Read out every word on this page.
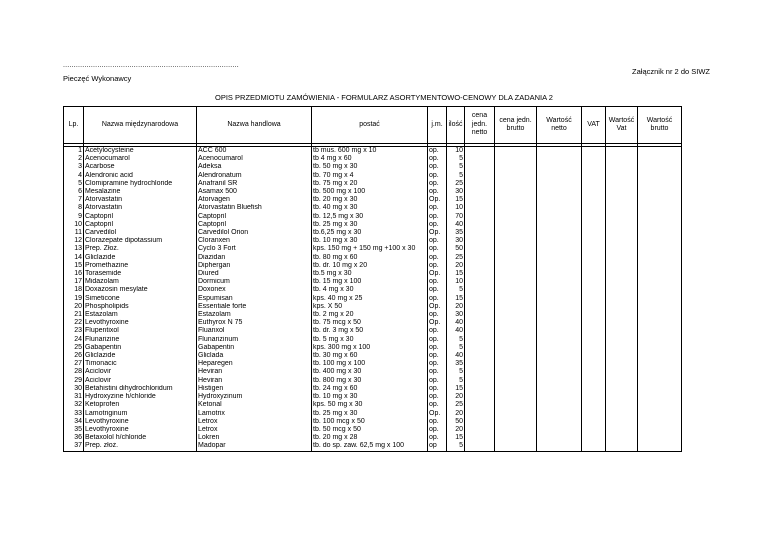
..................................................................................
Pieczęć Wykonawcy
Załącznik nr 2 do SIWZ
OPIS PRZEDMIOTU ZAMÓWIENIA - FORMULARZ ASORTYMENTOWO-CENOWY DLA ZADANIA 2
Lp.	Nazwa międzynarodowa	Nazwa handlowa	postać	j.m.	ilość	cena jedn. netto	cena jedn. brutto	Wartość netto	VAT	Wartość Vat	Wartość brutto

1	Acetylocysteine	ACC 600	tb mus. 600 mg x 10	op.	10						
2	Acenocumarol	Acenocumarol	tb 4 mg x 60	op.	5						
3	Acarbose	Adeksa	tb. 50 mg x 30	op.	5						
4	Alendronic acid	Alendronatum	tb. 70 mg x 4	op.	5						
5	Clomipramine hydrochloride	Anafranil SR	tb. 75 mg x 20	op.	25						
6	Mesalazine	Asamax 500	tb. 500 mg x 100	op.	30						
7	Atorvastatin	Atorvagen	tb. 20 mg x 30	Op.	15						
8	Atorvastatin	Atorvastatin Bluefish	tb. 40 mg x 30	op.	10						
9	Captopril	Captopril	tb. 12,5 mg x 30	op.	70						
10	Captopril	Captopril	tb. 25 mg x 30	op.	40						
11	Carvedilol	Carvedilol Orion	tb.6,25 mg x 30	Op.	35						
12	Clorazepate dipotassium	Cloranxen	tb. 10 mg x 30	op.	30						
13	Prep. Złoż.	Cyclo 3 Fort	kps. 150 mg + 150 mg +100 x 30	op.	50						
14	Gliclazide	Diazidan	tb. 80 mg x 60	op.	25						
15	Promethazine	Diphergan	tb. dr. 10 mg x 20	op.	20						
16	Torasemide	Diured	tb.5 mg x 30	Op.	15						
17	Midazolam	Dormicum	tb. 15 mg x 100	op.	10						
18	Doxazosin mesylate	Doxonex	tb. 4 mg x 30	op.	5						
19	Simeticone	Espumisan	kps. 40 mg x 25	op.	15						
20	Phospholipids	Essentiale forte	kps. X 50	Op.	20						
21	Estazolam	Estazolam	tb. 2 mg x 20	op.	30						
22	Levothyroxine	Euthyrox N 75	tb. 75 mcg x 50	Op.	40						
23	Flupentixol	Fluanxol	tb. dr. 3 mg x 50	op.	40						
24	Flunarizine	Flunarizinum	tb. 5 mg x 30	op.	5						
25	Gabapentin	Gabapentin	kps. 300 mg x 100	op.	5						
26	Gliclazide	Gliclada	tb. 30 mg x 60	op.	40						
27	Timonacic	Heparegen	tb. 100 mg x 100	op.	35						
28	Aciclovir	Heviran	tb. 400 mg x 30	op.	5						
29	Aciclovir	Heviran	tb. 800 mg x 30	op.	5						
30	Betahistini dihydrochloridum	Histigen	tb. 24 mg x 60	op.	15						
31	Hydroxyzine h/chloride	Hydroxyzinum	tb. 10 mg x 30	op.	20						
32	Ketoprofen	Ketonal	kps. 50 mg x 30	op.	25						
33	Lamotriginum	Lamotrix	tb. 25 mg x 30	Op.	20						
34	Levothyroxine	Letrox	tb. 100 mcg x 50	op.	50						
35	Levothyroxine	Letrox	tb. 50 mcg x 50	op.	20						
36	Betaxolol h/chloride	Lokren	tb. 20 mg x 28	op.	15						
37	Prep. złoż.	Madopar	tb. do sp. zaw. 62,5 mg x 100	op	5						
